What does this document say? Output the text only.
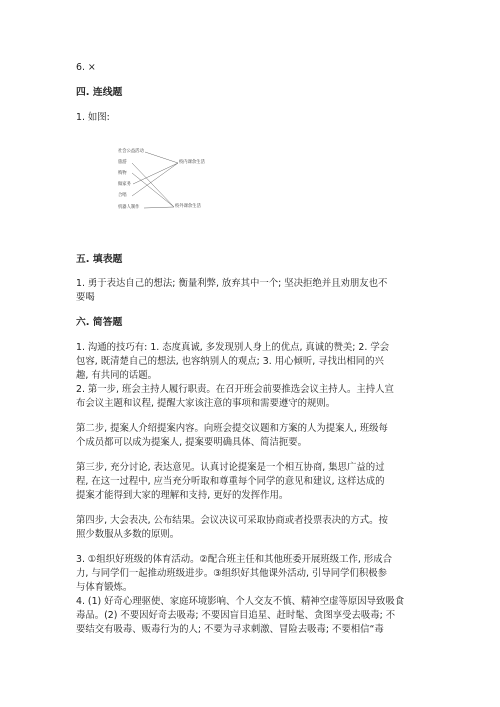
6. ×

四. 连线题

1. 如图:

社会公益活动
旅游
购物
做家务
合唱
机器人制作
校内课余生活
校外课余生活

五. 填表题

1. 勇于表达自己的想法; 衡量利弊, 放弃其中一个; 坚决拒绝并且劝朋友也不

要喝

六. 简答题

1. 沟通的技巧有: 1. 态度真诚, 多发现别人身上的优点, 真诚的赞美; 2. 学会

包容, 既清楚自己的想法, 也容纳别人的观点; 3. 用心倾听, 寻找出相同的兴

趣, 有共同的话题。

2. 第一步, 班会主持人履行职责。在召开班会前要推选会议主持人。主持人宣

布会议主题和议程, 提醒大家该注意的事项和需要遵守的规则。

第二步, 提案人介绍提案内容。向班会提交议题和方案的人为提案人, 班级每

个成员都可以成为提案人, 提案要明确具体、简洁扼要。

第三步, 充分讨论, 表达意见。认真讨论提案是一个相互协商, 集思广益的过

程, 在这一过程中, 应当充分听取和尊重每个同学的意见和建议, 这样达成的

提案才能得到大家的理解和支持, 更好的发挥作用。

第四步, 大会表决, 公布结果。会议决议可采取协商或者投票表决的方式。按

照少数服从多数的原则。

3. ①组织好班级的体育活动。②配合班主任和其他班委开展班级工作, 形成合

力, 与同学们一起推动班级进步。③组织好其他课外活动, 引导同学们积极参

与体育锻炼。

4. (1) 好奇心理驱使、家庭环境影响、个人交友不慎、精神空虚等原因导致吸食

毒品。(2) 不要因好奇去吸毒; 不要因盲目追星、赶时髦、贪图享受去吸毒; 不

要结交有吸毒、贩毒行为的人; 不要为寻求刺激、冒险去吸毒; 不要相信“毒
